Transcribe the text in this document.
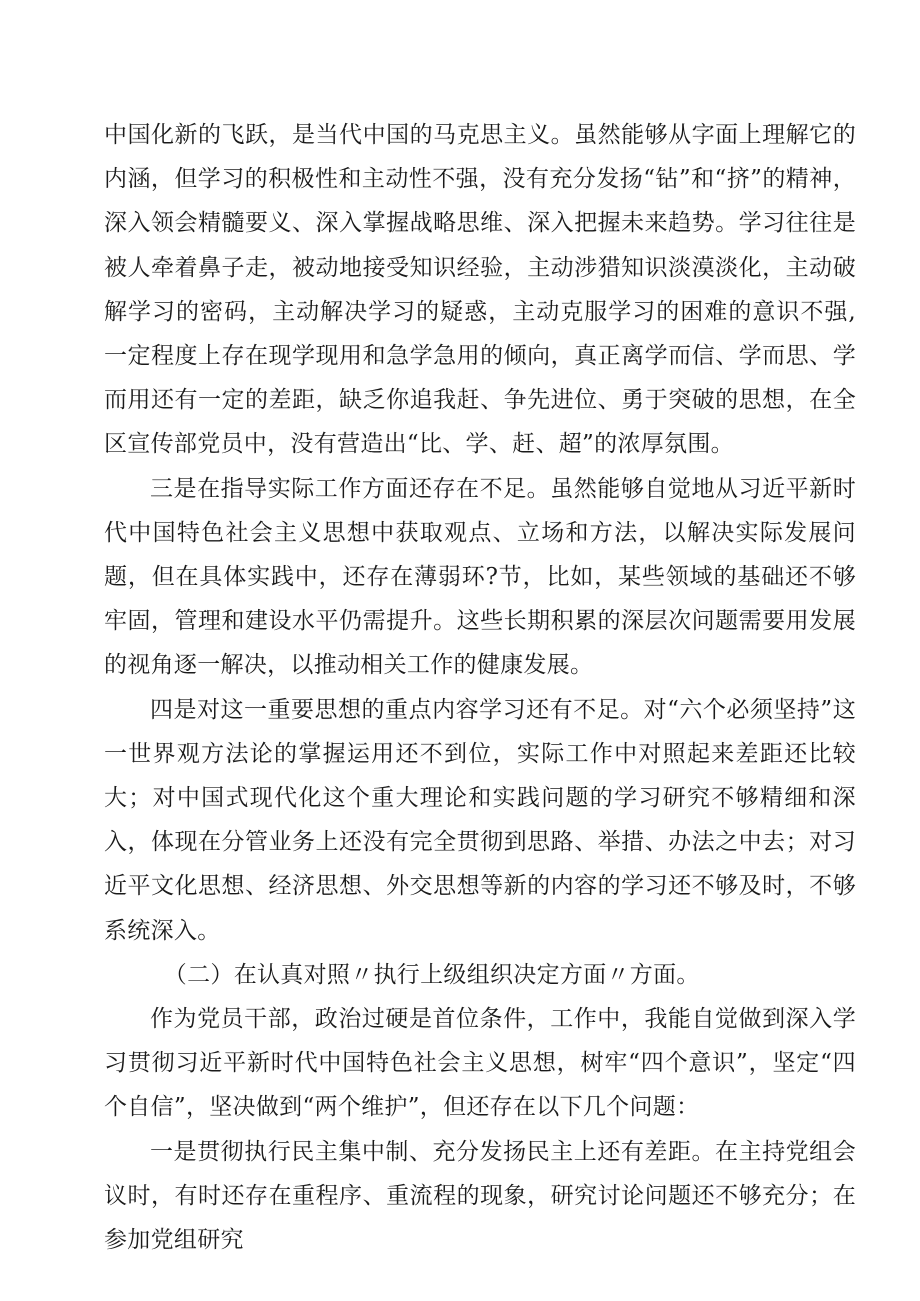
中国化新的飞跃，是当代中国的马克思主义。虽然能够从字面上理解它的内涵，但学习的积极性和主动性不强，没有充分发扬“钻”和“挤”的精神，深入领会精髓要义、深入掌握战略思维、深入把握未来趋势。学习往往是被人牵着鼻子走，被动地接受知识经验，主动涉猎知识淡漠淡化，主动破解学习的密码，主动解决学习的疑惑，主动克服学习的困难的意识不强,一定程度上存在现学现用和急学急用的倾向，真正离学而信、学而思、学而用还有一定的差距，缺乏你追我赶、争先进位、勇于突破的思想，在全区宣传部党员中，没有营造出“比、学、赶、超”的浓厚氛围。

三是在指导实际工作方面还存在不足。虽然能够自觉地从习近平新时代中国特色社会主义思想中获取观点、立场和方法，以解决实际发展问题，但在具体实践中，还存在薄弱环?节，比如，某些领域的基础还不够牢固，管理和建设水平仍需提升。这些长期积累的深层次问题需要用发展的视角逐一解决，以推动相关工作的健康发展。

四是对这一重要思想的重点内容学习还有不足。对“六个必须坚持”这一世界观方法论的掌握运用还不到位，实际工作中对照起来差距还比较大；对中国式现代化这个重大理论和实践问题的学习研究不够精细和深入，体现在分管业务上还没有完全贯彻到思路、举措、办法之中去；对习近平文化思想、经济思想、外交思想等新的内容的学习还不够及时，不够系统深入。

（二）在认真对照〃执行上级组织决定方面〃方面。

作为党员干部，政治过硬是首位条件，工作中，我能自觉做到深入学习贯彻习近平新时代中国特色社会主义思想，树牢“四个意识”，坚定“四个自信”，坚决做到“两个维护”，但还存在以下几个问题：

一是贯彻执行民主集中制、充分发扬民主上还有差距。在主持党组会议时，有时还存在重程序、重流程的现象，研究讨论问题还不够充分；在参加党组研究
